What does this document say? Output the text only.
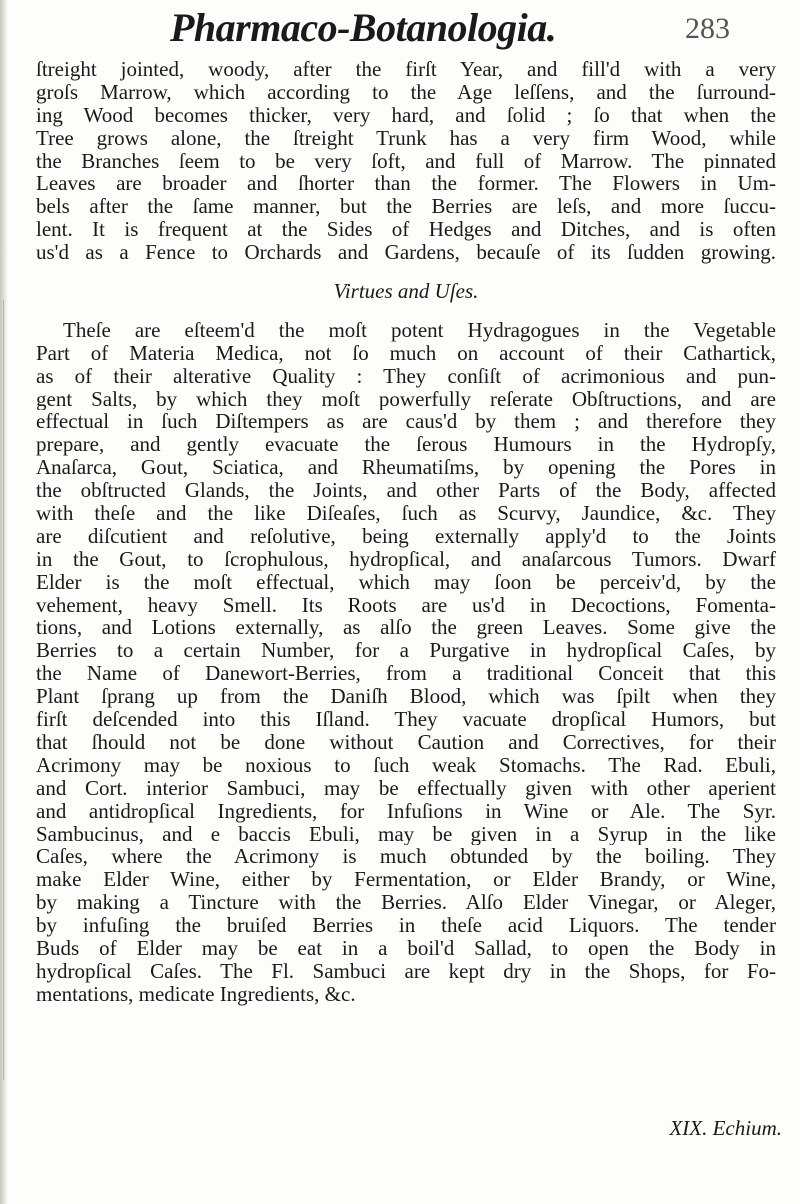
Pharmaco-Botanologia.	283
ſtreight jointed, woody, after the firſt Year, and fill'd with a very
groſs Marrow, which according to the Age leſſens, and the ſurround-
ing Wood becomes thicker, very hard, and ſolid ; ſo that when the
Tree grows alone, the ſtreight Trunk has a very firm Wood, while
the Branches ſeem to be very ſoft, and full of Marrow. The pinnated
Leaves are broader and ſhorter than the former. The Flowers in Um-
bels after the ſame manner, but the Berries are leſs, and more ſuccu-
lent. It is frequent at the Sides of Hedges and Ditches, and is often
us'd as a Fence to Orchards and Gardens, becauſe of its ſudden growing.
Virtues and Uſes.
Theſe are eſteem'd the moſt potent Hydragogues in the Vegetable
Part of Materia Medica, not ſo much on account of their Cathartick,
as of their alterative Quality : They conſiſt of acrimonious and pun-
gent Salts, by which they moſt powerfully reſerate Obſtructions, and are
effectual in ſuch Diſtempers as are caus'd by them ; and therefore they
prepare, and gently evacuate the ſerous Humours in the Hydropſy,
Anaſarca, Gout, Sciatica, and Rheumatiſms, by opening the Pores in
the obſtructed Glands, the Joints, and other Parts of the Body, affected
with theſe and the like Diſeaſes, ſuch as Scurvy, Jaundice, &c. They
are diſcutient and reſolutive, being externally apply'd to the Joints
in the Gout, to ſcrophulous, hydropſical, and anaſarcous Tumors. Dwarf
Elder is the moſt effectual, which may ſoon be perceiv'd, by the
vehement, heavy Smell. Its Roots are us'd in Decoctions, Fomenta-
tions, and Lotions externally, as alſo the green Leaves. Some give the
Berries to a certain Number, for a Purgative in hydropſical Caſes, by
the Name of Danewort-Berries, from a traditional Conceit that this
Plant ſprang up from the Daniſh Blood, which was ſpilt when they
firſt deſcended into this Iſland. They vacuate dropſical Humors, but
that ſhould not be done without Caution and Correctives, for their
Acrimony may be noxious to ſuch weak Stomachs. The Rad. Ebuli,
and Cort. interior Sambuci, may be effectually given with other aperient
and antidropſical Ingredients, for Infuſions in Wine or Ale. The Syr.
Sambucinus, and e baccis Ebuli, may be given in a Syrup in the like
Caſes, where the Acrimony is much obtunded by the boiling. They
make Elder Wine, either by Fermentation, or Elder Brandy, or Wine,
by making a Tincture with the Berries. Alſo Elder Vinegar, or Aleger,
by infuſing the bruiſed Berries in theſe acid Liquors. The tender
Buds of Elder may be eat in a boil'd Sallad, to open the Body in
hydropſical Caſes. The Fl. Sambuci are kept dry in the Shops, for Fo-
mentations, medicate Ingredients, &c.
XIX. Echium.
